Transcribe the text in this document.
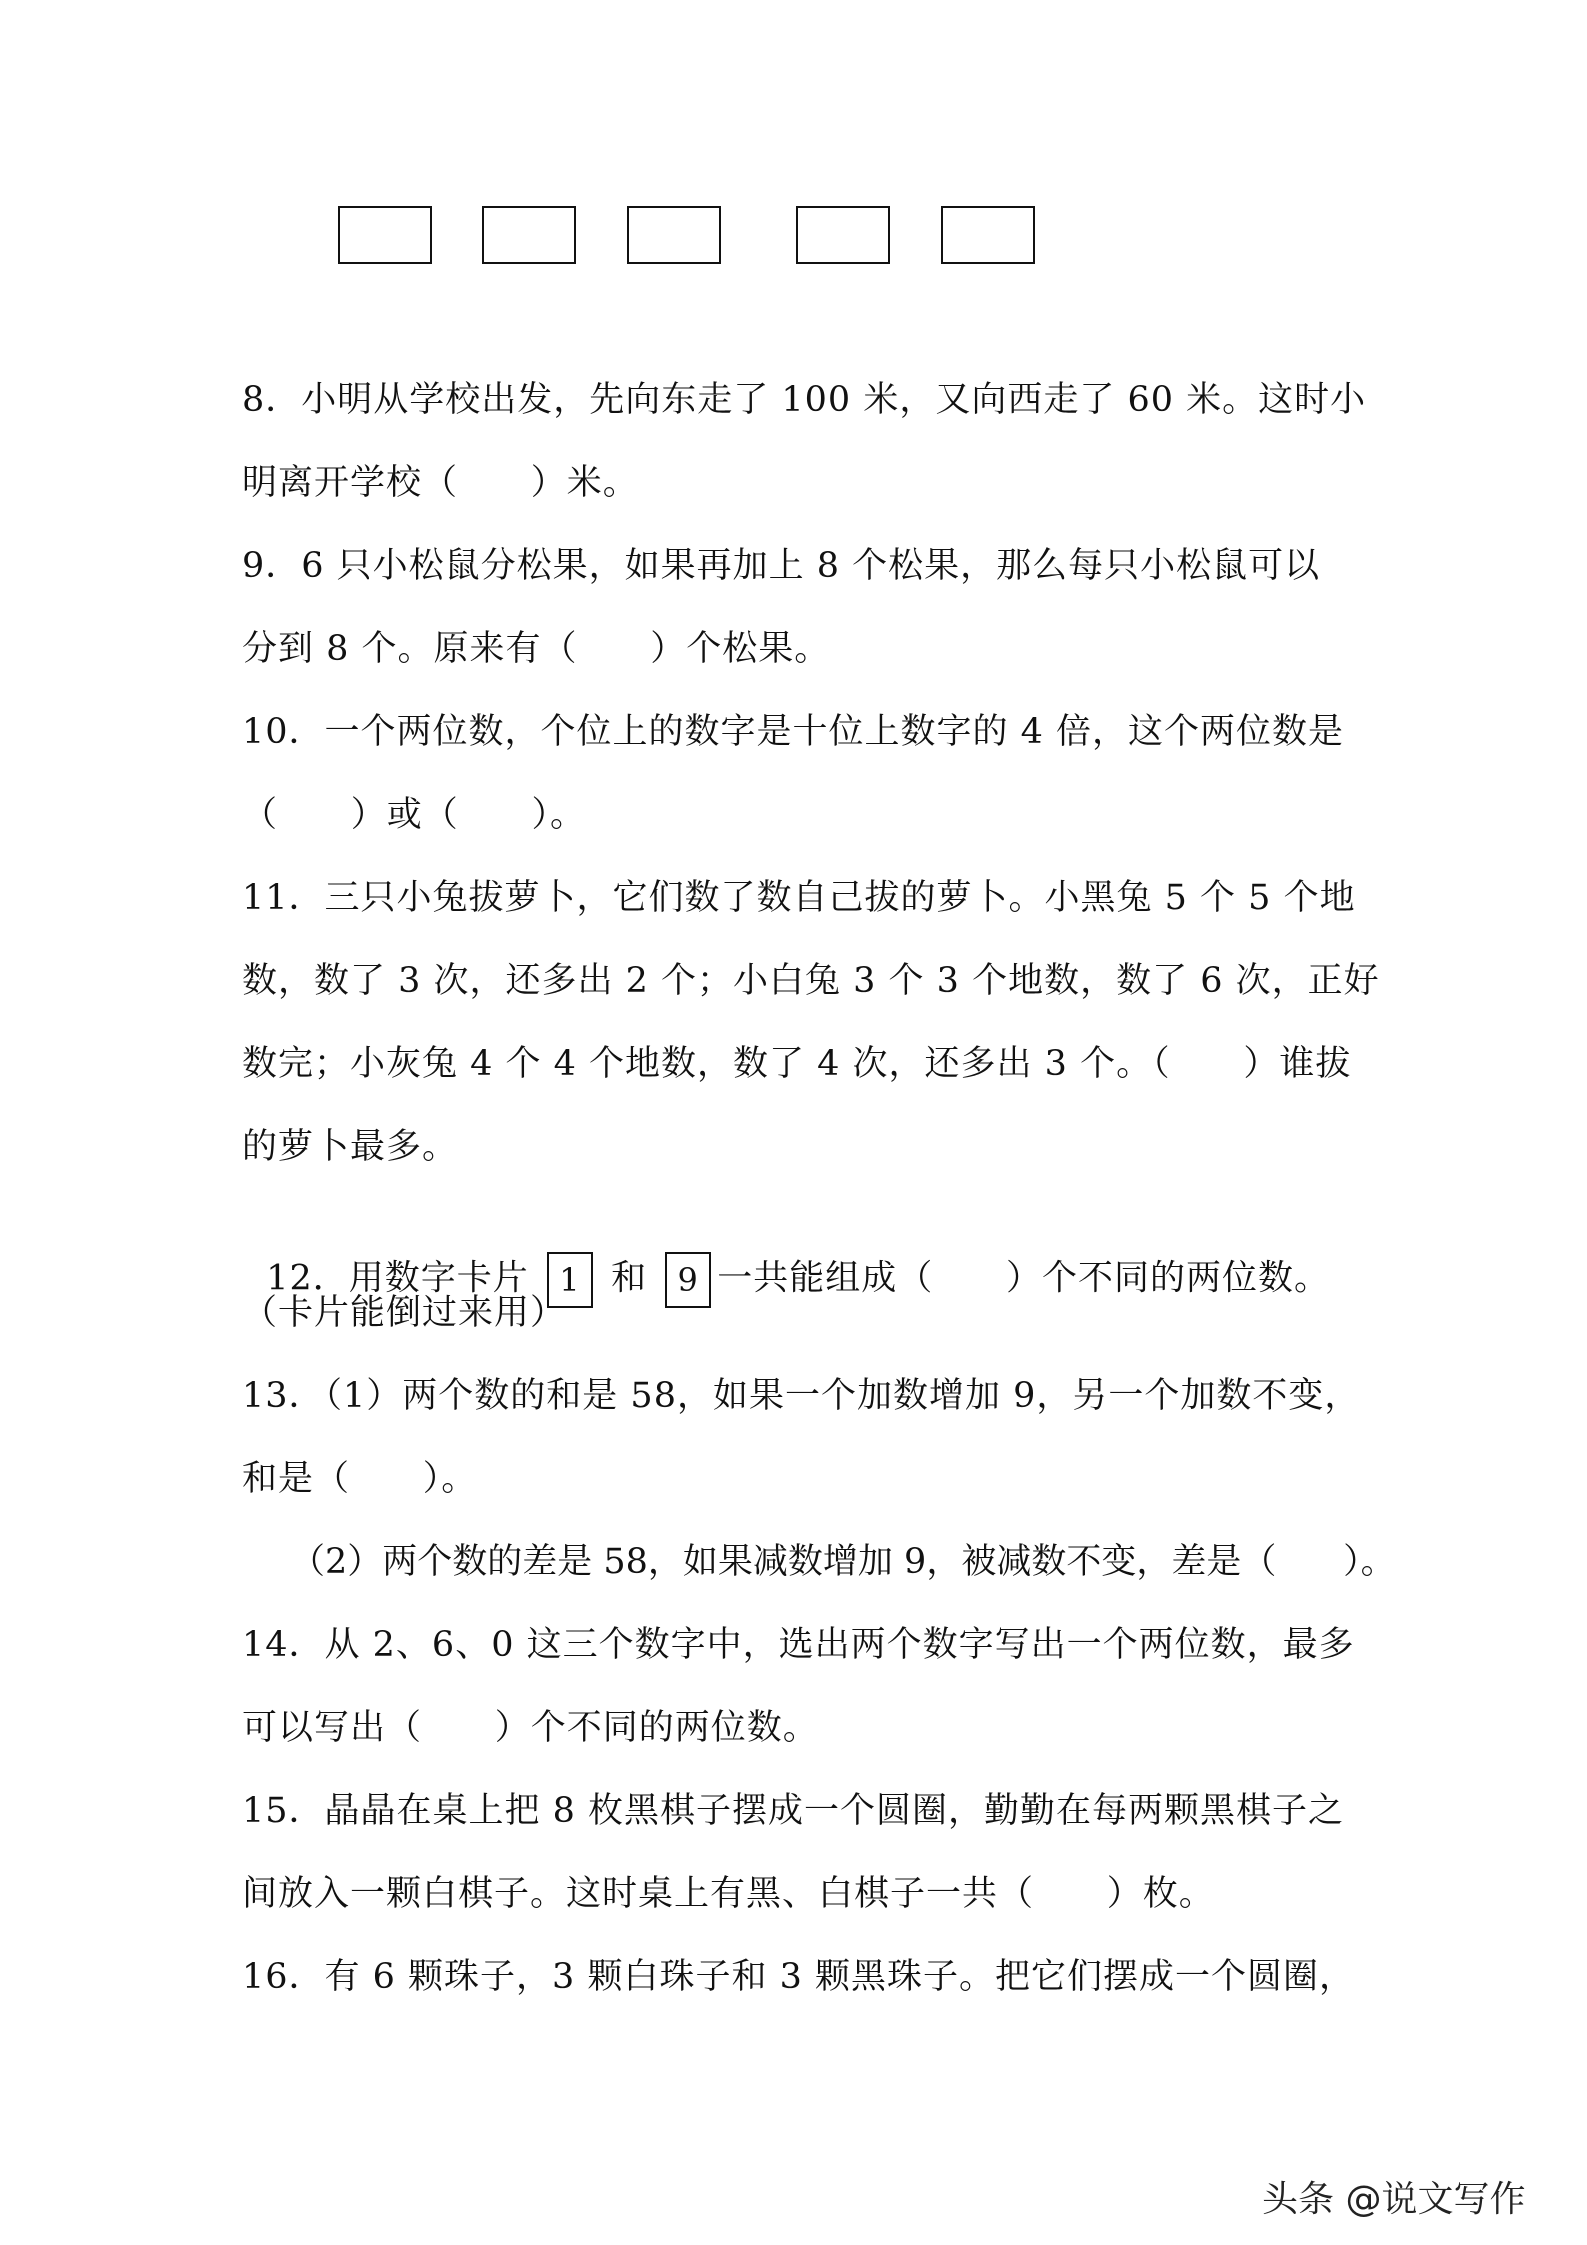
8．小明从学校出发，先向东走了 100 米，又向西走了 60 米。这时小
明离开学校（      ）米。
9．6 只小松鼠分松果，如果再加上 8 个松果，那么每只小松鼠可以
分到 8 个。原来有（      ）个松果。
10．一个两位数，个位上的数字是十位上数字的 4 倍，这个两位数是
（      ）或（      ）。
11．三只小兔拔萝卜，它们数了数自己拔的萝卜。小黑兔 5 个 5 个地
数，数了 3 次，还多出 2 个；小白兔 3 个 3 个地数，数了 6 次，正好
数完；小灰兔 4 个 4 个地数，数了 4 次，还多出 3 个。（      ）谁拔
的萝卜最多。

12．用数字卡片 1 和 9 一共能组成（      ）个不同的两位数。

（卡片能倒过来用）
13．（1）两个数的和是 58，如果一个加数增加 9，另一个加数不变，
和是（      ）。
（2）两个数的差是 58，如果减数增加 9，被减数不变，差是（      ）。
14．从 2、6、0 这三个数字中，选出两个数字写出一个两位数，最多
可以写出（      ）个不同的两位数。
15．晶晶在桌上把 8 枚黑棋子摆成一个圆圈，勤勤在每两颗黑棋子之
间放入一颗白棋子。这时桌上有黑、白棋子一共（      ）枚。
16．有 6 颗珠子，3 颗白珠子和 3 颗黑珠子。把它们摆成一个圆圈，
头条 @说文写作
